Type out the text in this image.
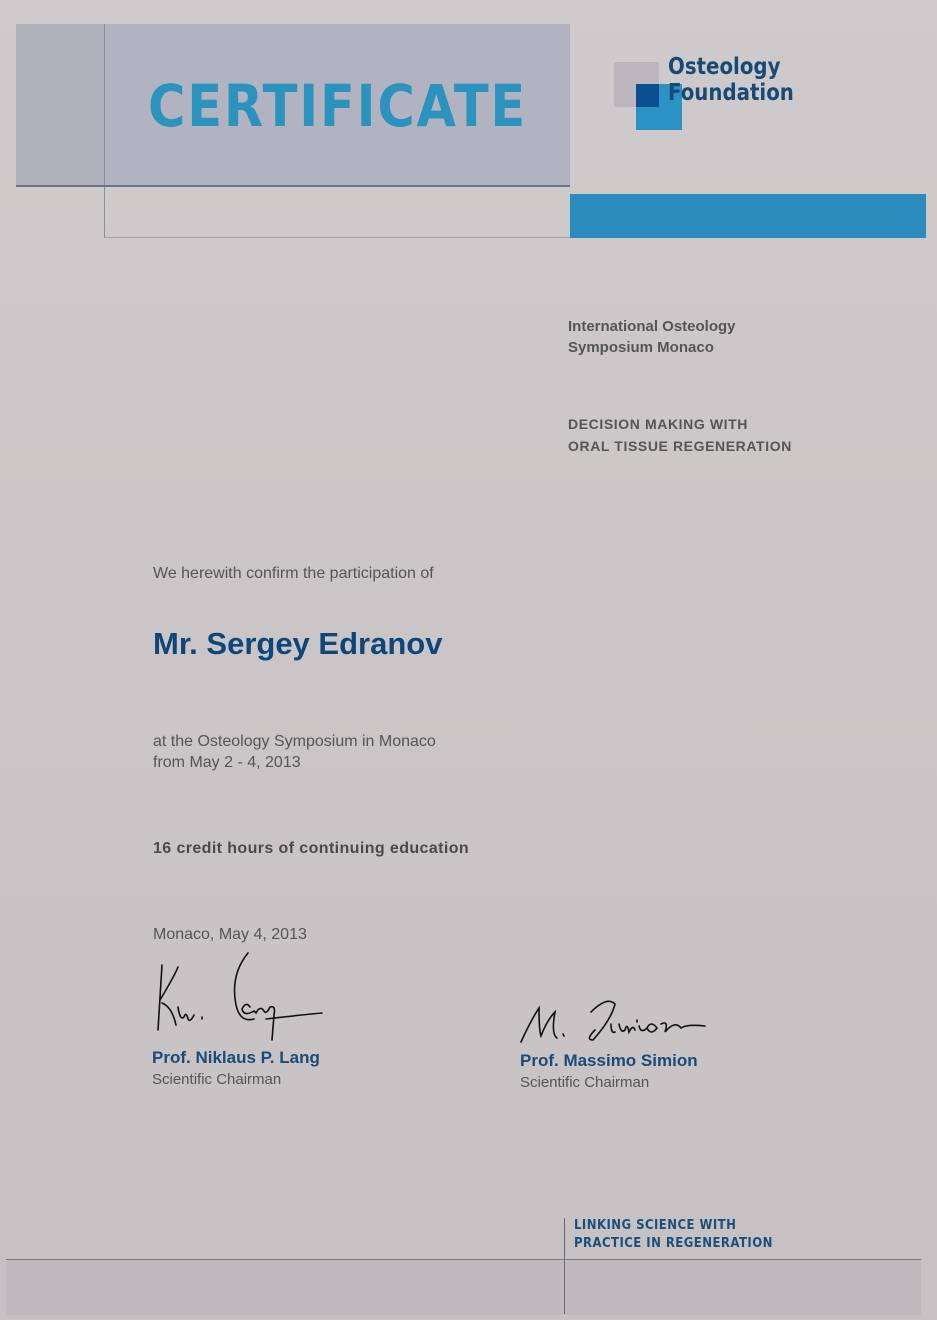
CERTIFICATE
Osteology Foundation
International Osteology
Symposium Monaco
DECISION MAKING WITH
ORAL TISSUE REGENERATION
We herewith confirm the participation of
Mr. Sergey Edranov
at the Osteology Symposium in Monaco
from May 2 - 4, 2013
16 credit hours of continuing education
Monaco, May 4, 2013
Prof. Niklaus P. Lang
Scientific Chairman
Prof. Massimo Simion
Scientific Chairman
LINKING SCIENCE WITH
PRACTICE IN REGENERATION
